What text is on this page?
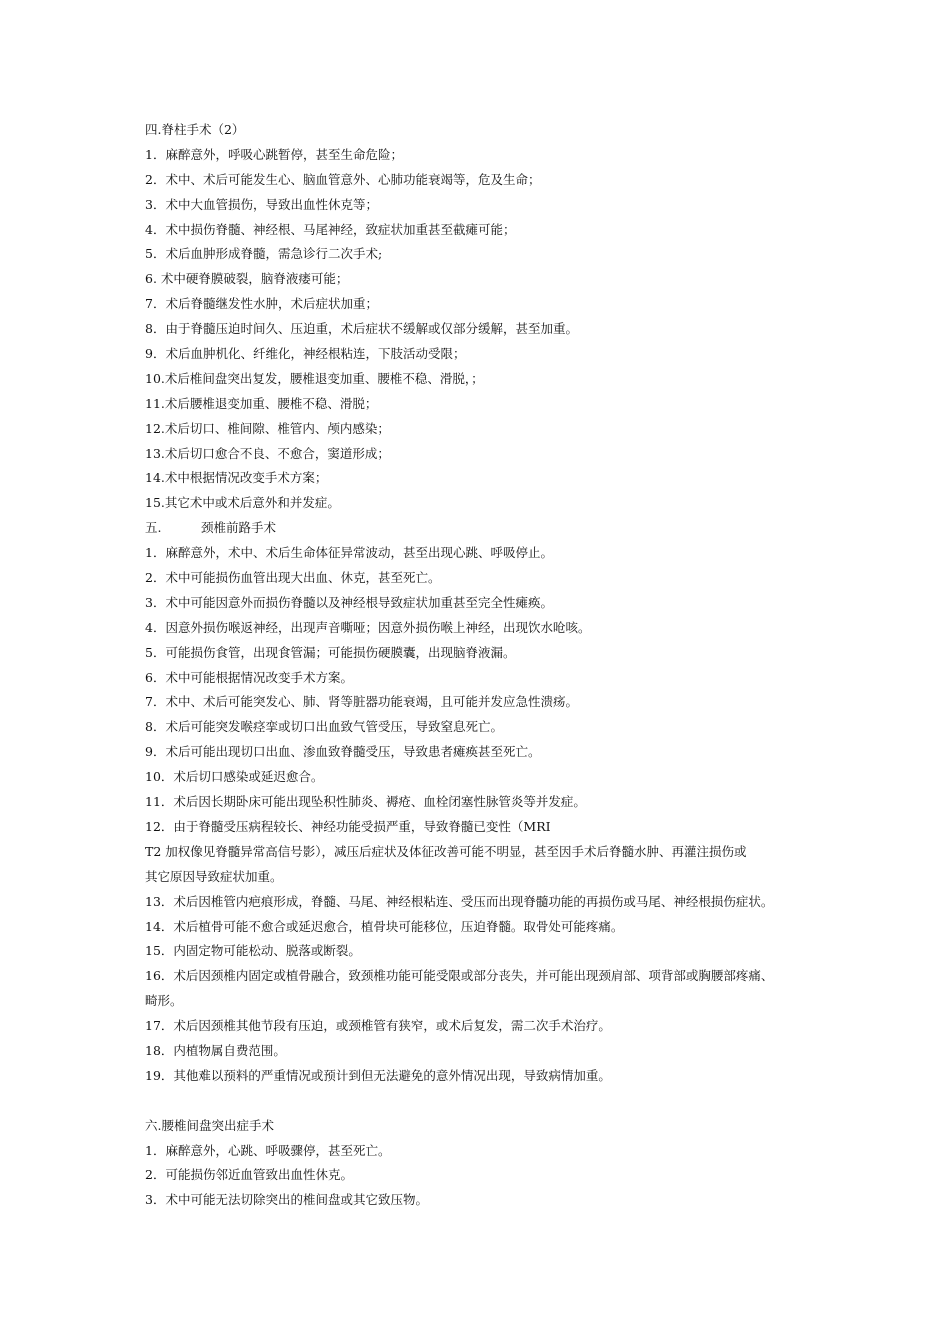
四.脊柱手术（2）
1．麻醉意外，呼吸心跳暂停，甚至生命危险；
2．术中、术后可能发生心、脑血管意外、心肺功能衰竭等，危及生命；
3．术中大血管损伤，导致出血性休克等；
4．术中损伤脊髓、神经根、马尾神经，致症状加重甚至截瘫可能；
5．术后血肿形成脊髓，需急诊行二次手术;
6. 术中硬脊膜破裂，脑脊液瘘可能；
7．术后脊髓继发性水肿，术后症状加重；
8．由于脊髓压迫时间久、压迫重，术后症状不缓解或仅部分缓解，甚至加重。
9．术后血肿机化、纤维化，神经根粘连，下肢活动受限；
10.术后椎间盘突出复发，腰椎退变加重、腰椎不稳、滑脱，；
11.术后腰椎退变加重、腰椎不稳、滑脱；
12.术后切口、椎间隙、椎管内、颅内感染；
13.术后切口愈合不良、不愈合，窦道形成；
14.术中根据情况改变手术方案；
15.其它术中或术后意外和并发症。
五.	颈椎前路手术
1．麻醉意外，术中、术后生命体征异常波动，甚至出现心跳、呼吸停止。
2．术中可能损伤血管出现大出血、休克，甚至死亡。
3．术中可能因意外而损伤脊髓以及神经根导致症状加重甚至完全性瘫痪。
4．因意外损伤喉返神经，出现声音嘶哑；因意外损伤喉上神经，出现饮水呛咳。
5．可能损伤食管，出现食管漏；可能损伤硬膜囊，出现脑脊液漏。
6．术中可能根据情况改变手术方案。
7．术中、术后可能突发心、肺、肾等脏器功能衰竭，且可能并发应急性溃疡。
8．术后可能突发喉痉挛或切口出血致气管受压，导致窒息死亡。
9．术后可能出现切口出血、渗血致脊髓受压，导致患者瘫痪甚至死亡。
10．术后切口感染或延迟愈合。
11．术后因长期卧床可能出现坠积性肺炎、褥疮、血栓闭塞性脉管炎等并发症。
12．由于脊髓受压病程较长、神经功能受损严重，导致脊髓已变性（MRI
T2 加权像见脊髓异常高信号影），减压后症状及体征改善可能不明显，甚至因手术后脊髓水肿、再灌注损伤或
其它原因导致症状加重。
13．术后因椎管内疤痕形成，脊髓、马尾、神经根粘连、受压而出现脊髓功能的再损伤或马尾、神经根损伤症状。
14．术后植骨可能不愈合或延迟愈合，植骨块可能移位，压迫脊髓。取骨处可能疼痛。
15．内固定物可能松动、脱落或断裂。
16．术后因颈椎内固定或植骨融合，致颈椎功能可能受限或部分丧失，并可能出现颈肩部、项背部或胸腰部疼痛、
畸形。
17．术后因颈椎其他节段有压迫，或颈椎管有狭窄，或术后复发，需二次手术治疗。
18．内植物属自费范围。
19．其他难以预料的严重情况或预计到但无法避免的意外情况出现，导致病情加重。
六.腰椎间盘突出症手术
1．麻醉意外，心跳、呼吸骤停，甚至死亡。
2．可能损伤邻近血管致出血性休克。
3．术中可能无法切除突出的椎间盘或其它致压物。
